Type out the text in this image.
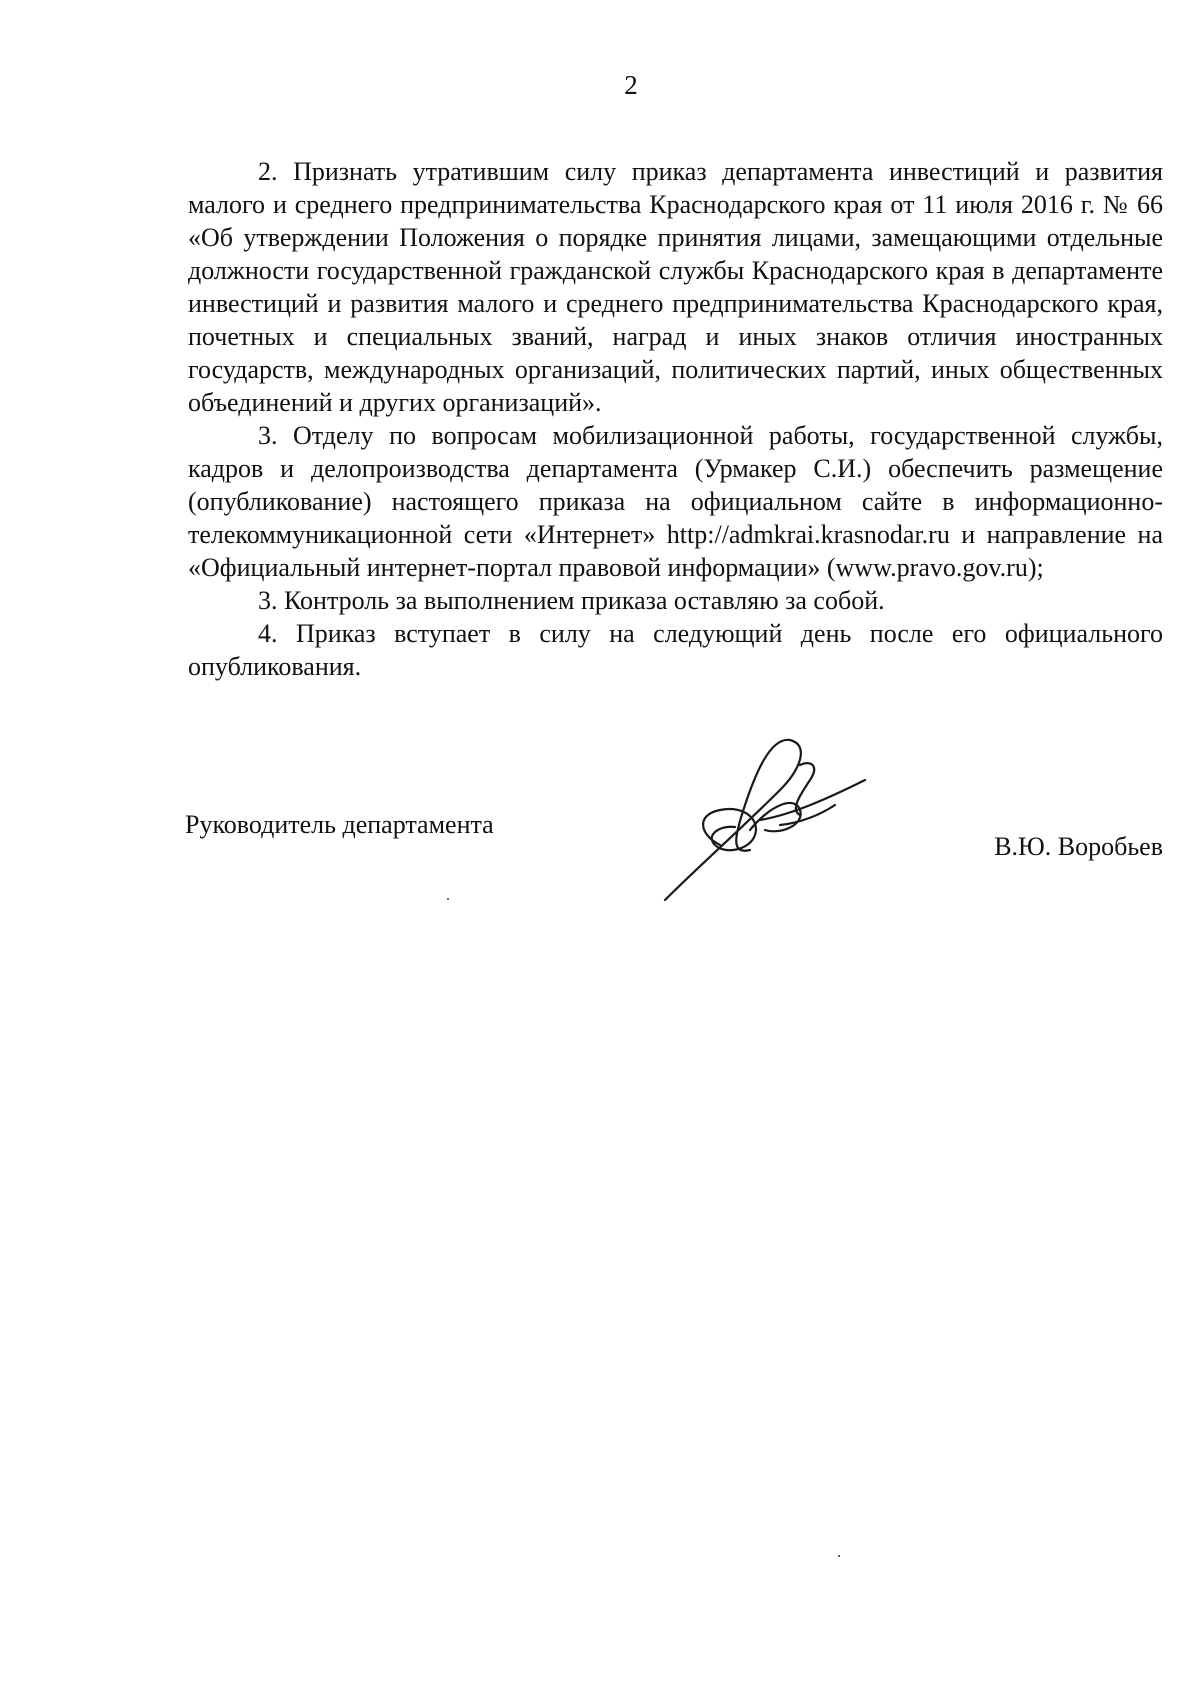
2

2. Признать утратившим силу приказ департамента инвестиций и развития малого и среднего предпринимательства Краснодарского края от 11 июля 2016 г. № 66 «Об утверждении Положения о порядке принятия лицами, замещающими отдельные должности государственной гражданской службы Краснодарского края в департаменте инвестиций и развития малого и среднего предпринимательства Краснодарского края, почетных и специальных званий, наград и иных знаков отличия иностранных государств, международных организаций, политических партий, иных общественных объединений и других организаций».

3. Отделу по вопросам мобилизационной работы, государственной службы, кадров и делопроизводства департамента (Урмакер С.И.) обеспечить размещение (опубликование) настоящего приказа на официальном сайте в информационно-телекоммуникационной сети «Интернет» http://admkrai.krasnodar.ru и направление на «Официальный интернет-портал правовой информации» (www.pravo.gov.ru);

3. Контроль за выполнением приказа оставляю за собой.

4. Приказ вступает в силу на следующий день после его официального опубликования.

Руководитель департамента
В.Ю. Воробьев
